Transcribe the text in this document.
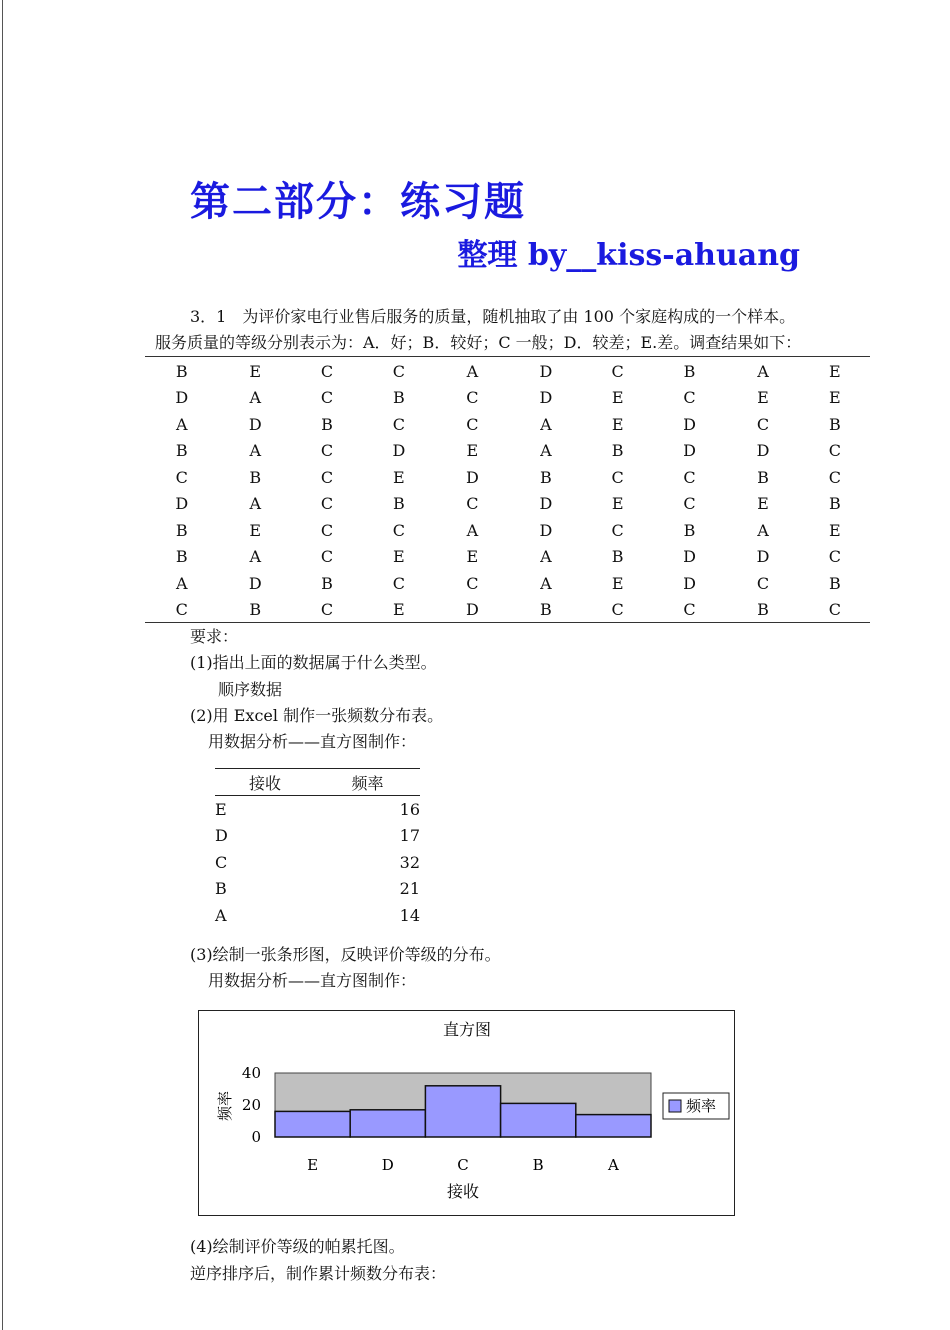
第二部分：练习题
整理 by__kiss-ahuang
3．1　为评价家电行业售后服务的质量，随机抽取了由 100 个家庭构成的一个样本。
服务质量的等级分别表示为：A．好；B．较好；C 一般；D．较差；E.差。调查结果如下：
B	E	C	C	A	D	C	B	A	E
D	A	C	B	C	D	E	C	E	E
A	D	B	C	C	A	E	D	C	B
B	A	C	D	E	A	B	D	D	C
C	B	C	E	D	B	C	C	B	C
D	A	C	B	C	D	E	C	E	B
B	E	C	C	A	D	C	B	A	E
B	A	C	E	E	A	B	D	D	C
A	D	B	C	C	A	E	D	C	B
C	B	C	E	D	B	C	C	B	C
要求：
(1)指出上面的数据属于什么类型。
顺序数据
(2)用 Excel 制作一张频数分布表。
用数据分析——直方图制作：
接收	频率
E	16
D	17
C	32
B	21
A	14
(3)绘制一张条形图，反映评价等级的分布。
用数据分析——直方图制作：
直方图
0
20
40
频率
E	D	C	B	A
接收
频率
(4)绘制评价等级的帕累托图。
逆序排序后，制作累计频数分布表：
